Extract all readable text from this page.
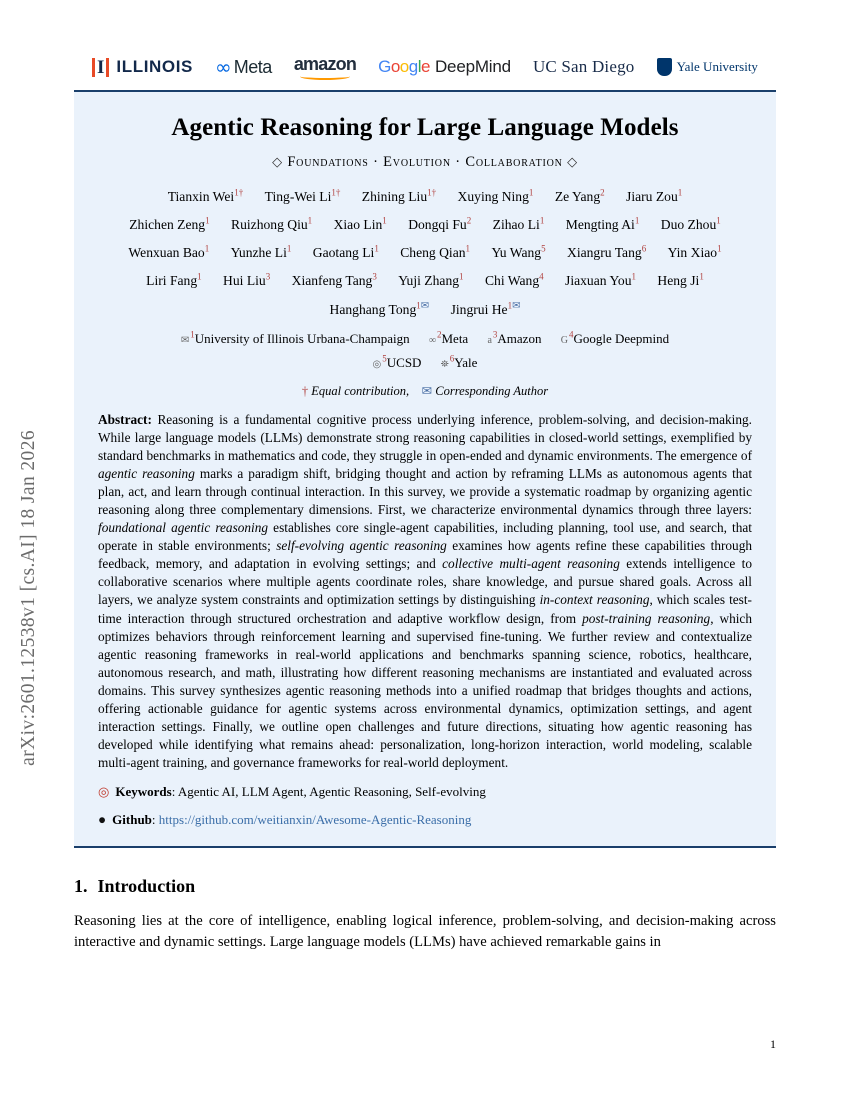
arXiv:2601.12538v1 [cs.AI] 18 Jan 2026
I ILLINOIS ∞ Meta amazon Google DeepMind UC San Diego	Yale University
Agentic Reasoning for Large Language Models
◇ Foundations · Evolution · Collaboration ◇
Tianxin Wei$^{1\dagger}$ Ting-Wei Li$^{1\dagger}$ Zhining Liu$^{1\dagger}$ Xuying Ning$^1$ Ze Yang$^2$ Jiaru Zou$^1$
Zhichen Zeng$^1$ Ruizhong Qiu$^1$ Xiao Lin$^1$ Dongqi Fu$^2$ Zihao Li$^1$ Mengting Ai$^1$ Duo Zhou$^1$
Wenxuan Bao$^1$ Yunzhe Li$^1$ Gaotang Li$^1$ Cheng Qian$^1$ Yu Wang$^5$ Xiangru Tang$^6$ Yin Xiao$^1$
Liri Fang$^1$ Hui Liu$^3$ Xianfeng Tang$^3$ Yuji Zhang$^1$ Chi Wang$^4$ Jiaxuan You$^1$ Heng Ji$^1$
Hanghang Tong$^{1✉}$ Jingrui He$^{1✉}$
✉$^1$University of Illinois Urbana-Champaign ∞$^2$Meta a$^3$Amazon G$^4$Google Deepmind
◎$^5$UCSD ⛯$^6$Yale
† Equal contribution, ✉ Corresponding Author
Abstract: Reasoning is a fundamental cognitive process underlying inference, problem-solving, and decision-making. While large language models (LLMs) demonstrate strong reasoning capabilities in closed-world settings, exemplified by standard benchmarks in mathematics and code, they struggle in open-ended and dynamic environments. The emergence of agentic reasoning marks a paradigm shift, bridging thought and action by reframing LLMs as autonomous agents that plan, act, and learn through continual interaction. In this survey, we provide a systematic roadmap by organizing agentic reasoning along three complementary dimensions. First, we characterize environmental dynamics through three layers: foundational agentic reasoning establishes core single-agent capabilities, including planning, tool use, and search, that operate in stable environments; self-evolving agentic reasoning examines how agents refine these capabilities through feedback, memory, and adaptation in evolving settings; and collective multi-agent reasoning extends intelligence to collaborative scenarios where multiple agents coordinate roles, share knowledge, and pursue shared goals. Across all layers, we analyze system constraints and optimization settings by distinguishing in-context reasoning, which scales test-time interaction through structured orchestration and adaptive workflow design, from post-training reasoning, which optimizes behaviors through reinforcement learning and supervised fine-tuning. We further review and contextualize agentic reasoning frameworks in real-world applications and benchmarks spanning science, robotics, healthcare, autonomous research, and math, illustrating how different reasoning mechanisms are instantiated and evaluated across domains. This survey synthesizes agentic reasoning methods into a unified roadmap that bridges thoughts and actions, offering actionable guidance for agentic systems across environmental dynamics, optimization settings, and agent interaction settings. Finally, we outline open challenges and future directions, situating how agentic reasoning has developed while identifying what remains ahead: personalization, long-horizon interaction, world modeling, scalable multi-agent training, and governance frameworks for real-world deployment.
◎ Keywords: Agentic AI, LLM Agent, Agentic Reasoning, Self-evolving
● Github: https://github.com/weitianxin/Awesome-Agentic-Reasoning
1. Introduction
Reasoning lies at the core of intelligence, enabling logical inference, problem-solving, and decision-making across interactive and dynamic settings. Large language models (LLMs) have achieved remarkable gains in
1
